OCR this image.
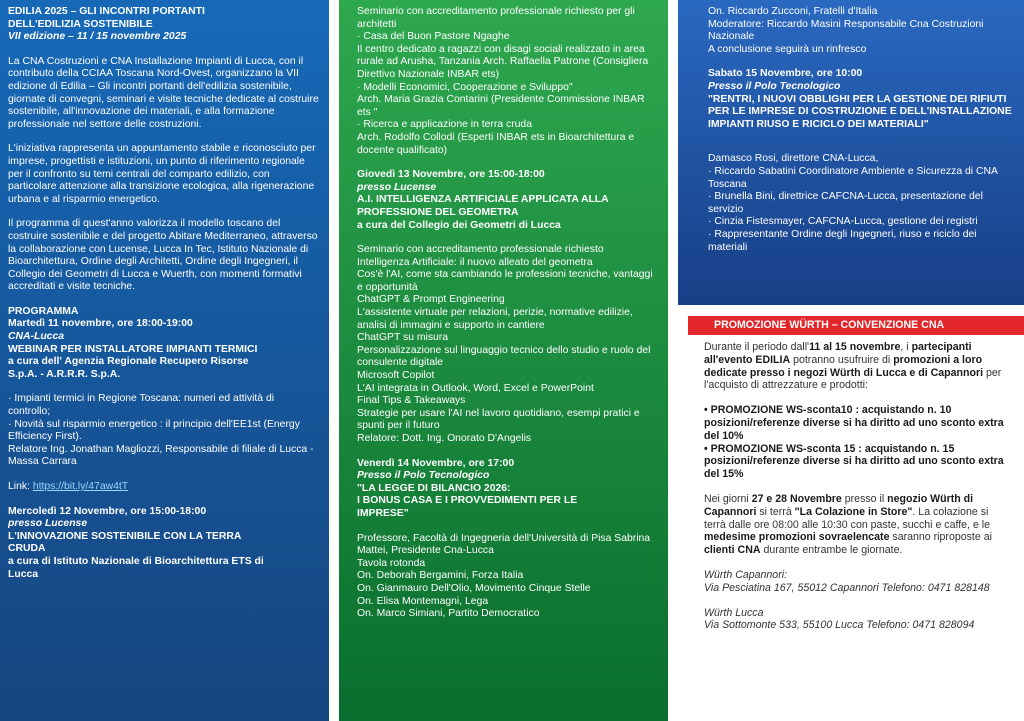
EDILIA 2025 – GLI INCONTRI PORTANTI
DELL'EDILIZIA SOSTENIBILE
VII edizione – 11 / 15 novembre 2025

La CNA Costruzioni e CNA Installazione Impianti di Lucca, con il contributo della CCIAA Toscana Nord-Ovest, organizzano la VII edizione di Edilia – Gli incontri portanti dell'edilizia sostenibile, giornate di convegni, seminari e visite tecniche dedicate al costruire sostenibile, all'innovazione dei materiali, e alla formazione professionale nel settore delle costruzioni.

L'iniziativa rappresenta un appuntamento stabile e riconosciuto per imprese, progettisti e istituzioni, un punto di riferimento regionale per il confronto su temi centrali del comparto edilizio, con particolare attenzione alla transizione ecologica, alla rigenerazione urbana e al risparmio energetico.

Il programma di quest'anno valorizza il modello toscano del costruire sostenibile e del progetto Abitare Mediterraneo, attraverso la collaborazione con Lucense, Lucca In Tec, Istituto Nazionale di Bioarchitettura, Ordine degli Architetti, Ordine degli Ingegneri, il Collegio dei Geometri di Lucca e Wuerth, con momenti formativi accreditati e visite tecniche.

PROGRAMMA
Martedì 11 novembre, ore 18:00-19:00
CNA-Lucca
WEBINAR PER INSTALLATORE IMPIANTI TERMICI
a cura dell' Agenzia Regionale Recupero Risorse
S.p.A. - A.R.R.R. S.p.A.
· Impianti termici in Regione Toscana: numeri ed attività di controllo;
· Novità sul risparmio energetico : il principio dell'EE1st (Energy Efficiency First).
Relatore Ing. Jonathan Magliozzi, Responsabile di filiale di Lucca - Massa Carrara

Link: https://bit.ly/47aw4tT

Mercoledì 12 Novembre, ore 15:00-18:00
presso Lucense
L'INNOVAZIONE SOSTENIBILE CON LA TERRA
CRUDA
a cura di Istituto Nazionale di Bioarchitettura ETS di
Lucca
Seminario con accreditamento professionale richiesto per gli architetti
· Casa del Buon Pastore Ngaghe
Il centro dedicato a ragazzi con disagi sociali realizzato in area rurale ad Arusha, Tanzania Arch. Raffaella Patrone (Consigliera Direttivo Nazionale INBAR ets)
· Modelli Economici, Cooperazione e Sviluppo"
Arch. Maria Grazia Contarini (Presidente Commissione INBAR ets "
· Ricerca e applicazione in terra cruda
Arch. Rodolfo Collodi (Esperti INBAR ets in Bioarchitettura e docente qualificato)
Giovedì 13 Novembre, ore 15:00-18:00
presso Lucense
A.I. INTELLIGENZA ARTIFICIALE APPLICATA ALLA
PROFESSIONE DEL GEOMETRA
a cura del Collegio dei Geometri di Lucca
Seminario con accreditamento professionale richiesto
Intelligenza Artificiale: il nuovo alleato del geometra
Cos'è l'AI, come sta cambiando le professioni tecniche, vantaggi e opportunità
ChatGPT & Prompt Engineering
L'assistente virtuale per relazioni, perizie, normative edilizie, analisi di immagini e supporto in cantiere
ChatGPT su misura
Personalizzazione sul linguaggio tecnico dello studio e ruolo del consulente digitale
Microsoft Copilot
L'AI integrata in Outlook, Word, Excel e PowerPoint
Final Tips & Takeaways
Strategie per usare l'AI nel lavoro quotidiano, esempi pratici e spunti per il futuro
Relatore: Dott. Ing. Onorato D'Angelis
Venerdì 14 Novembre, ore 17:00
Presso il Polo Tecnologico
"LA LEGGE DI BILANCIO 2026:
I BONUS CASA E I PROVVEDIMENTI PER LE
IMPRESE"
Professore, Facoltà di Ingegneria dell'Università di Pisa Sabrina Mattei, Presidente Cna-Lucca
Tavola rotonda
On. Deborah Bergamini, Forza Italia
On. Gianmauro Dell'Olio, Movimento Cinque Stelle
On. Elisa Montemagni, Lega
On. Marco Simiani, Partito Democratico
On. Riccardo Zucconi, Fratelli d'Italia
Moderatore: Riccardo Masini Responsabile Cna Costruzioni Nazionale
A conclusione seguirà un rinfresco
Sabato 15 Novembre, ore 10:00
Presso il Polo Tecnologico
"RENTRI, I NUOVI OBBLIGHI PER LA GESTIONE DEI RIFIUTI PER LE IMPRESE DI COSTRUZIONE E DELL'INSTALLAZIONE IMPIANTI RIUSO E RICICLO DEI MATERIALI"
Damasco Rosi, direttore CNA-Lucca,
· Riccardo Sabatini Coordinatore Ambiente e Sicurezza di CNA Toscana
· Brunella Bini, direttrice CAFCNA-Lucca, presentazione del servizio
· Cinzia Fistesmayer, CAFCNA-Lucca, gestione dei registri
· Rappresentante Ordine degli Ingegneri, riuso e riciclo dei materiali
PROMOZIONE WÜRTH – CONVENZIONE CNA

Durante il periodo dall'11 al 15 novembre, i partecipanti all'evento EDILIA potranno usufruire di promozioni a loro dedicate presso i negozi Würth di Lucca e di Capannori per l'acquisto di attrezzature e prodotti:

• PROMOZIONE WS-sconta10 : acquistando n. 10 posizioni/referenze diverse si ha diritto ad uno sconto extra del 10%
• PROMOZIONE WS-sconta 15 : acquistando n. 15 posizioni/referenze diverse si ha diritto ad uno sconto extra del 15%

Nei giorni 27 e 28 Novembre presso il negozio Würth di Capannori si terrà "La Colazione in Store". La colazione si terrà dalle ore 08:00 alle 10:30 con paste, succhi e caffe, e le medesime promozioni sovraelencate saranno riproposte ai clienti CNA durante entrambe le giornate.

Würth Capannori:
Via Pesciatina 167, 55012 Capannori Telefono: 0471 828148

Würth Lucca
Via Sottomonte 533, 55100 Lucca Telefono: 0471 828094
